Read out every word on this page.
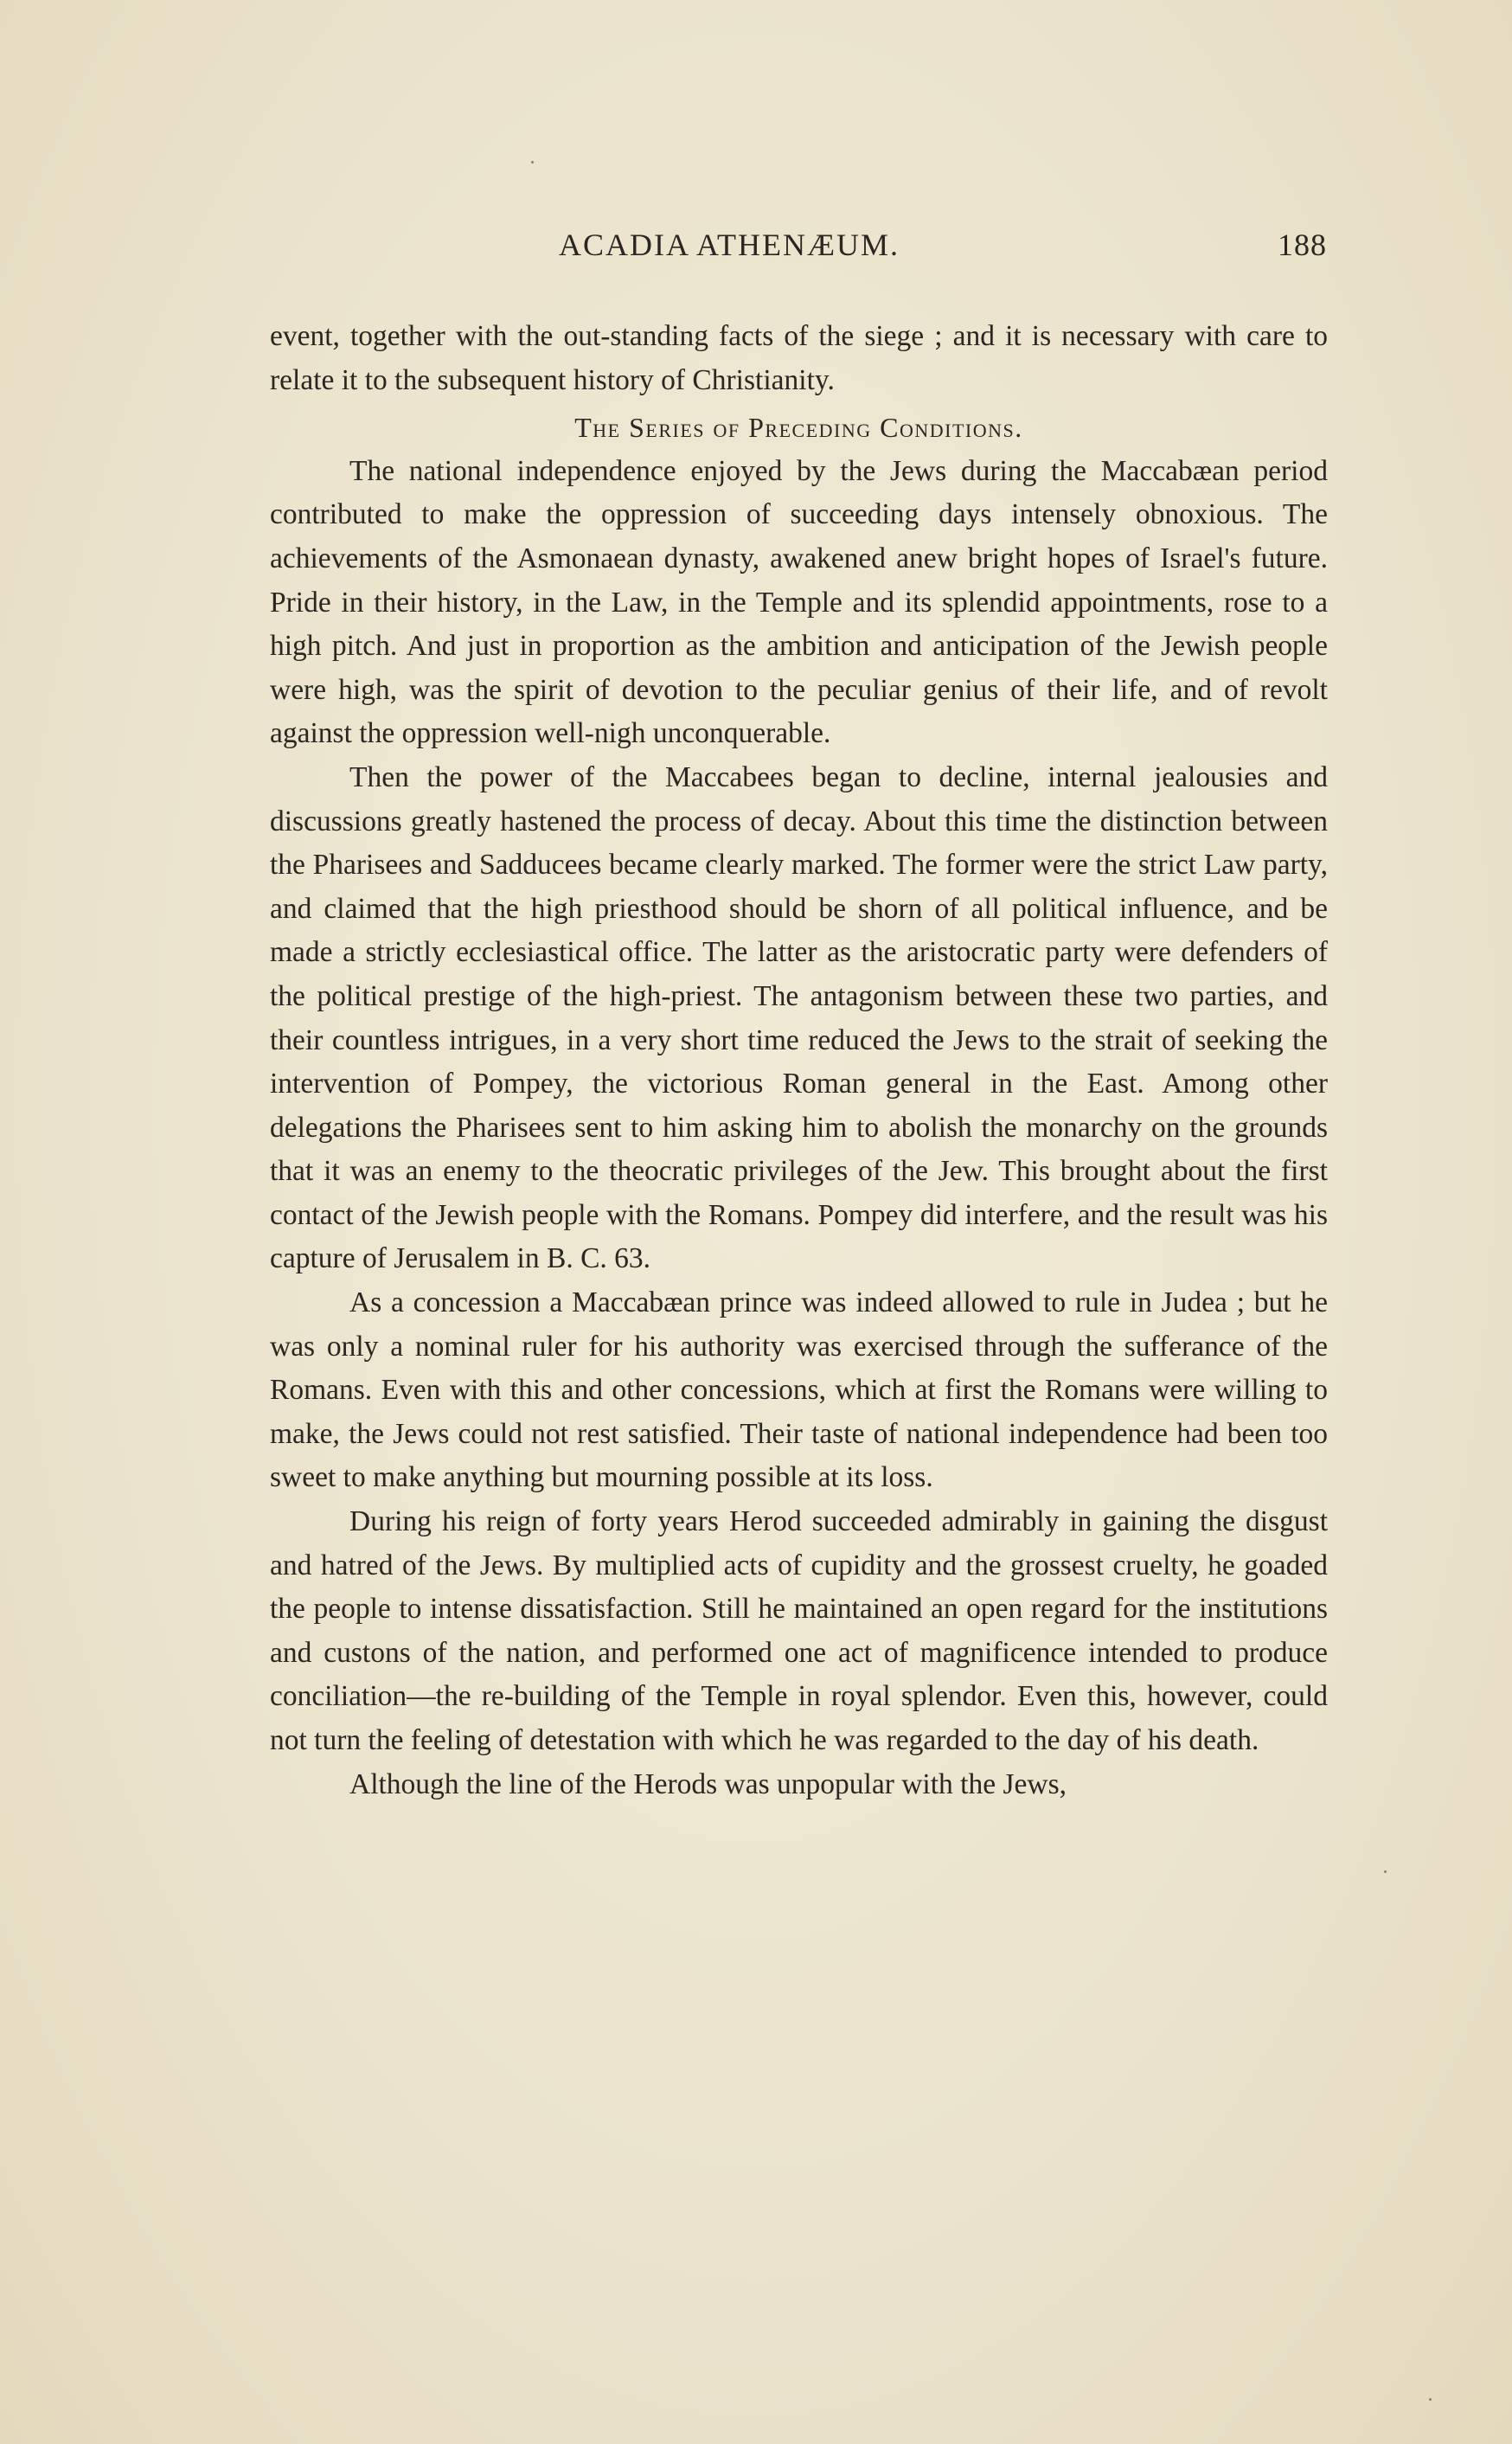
ACADIA ATHENÆUM.	188

event, together with the out-standing facts of the siege ; and it is necessary with care to relate it to the subsequent history of Christianity.

The Series of Preceding Conditions.

The national independence enjoyed by the Jews during the Maccabæan period contributed to make the oppression of succeeding days intensely obnoxious. The achievements of the Asmonaean dynasty, awakened anew bright hopes of Israel's future. Pride in their history, in the Law, in the Temple and its splendid appointments, rose to a high pitch. And just in proportion as the ambition and anticipation of the Jewish people were high, was the spirit of devotion to the peculiar genius of their life, and of revolt against the oppression well-nigh unconquerable.

Then the power of the Maccabees began to decline, internal jealousies and discussions greatly hastened the process of decay. About this time the distinction between the Pharisees and Sadducees became clearly marked. The former were the strict Law party, and claimed that the high priesthood should be shorn of all political influence, and be made a strictly ecclesiastical office. The latter as the aristocratic party were defenders of the political prestige of the high-priest. The antagonism between these two parties, and their countless intrigues, in a very short time reduced the Jews to the strait of seeking the intervention of Pompey, the victorious Roman general in the East. Among other delegations the Pharisees sent to him asking him to abolish the monarchy on the grounds that it was an enemy to the theocratic privileges of the Jew. This brought about the first contact of the Jewish people with the Romans. Pompey did interfere, and the result was his capture of Jerusalem in B. C. 63.

As a concession a Maccabæan prince was indeed allowed to rule in Judea ; but he was only a nominal ruler for his authority was exercised through the sufferance of the Romans. Even with this and other concessions, which at first the Romans were willing to make, the Jews could not rest satisfied. Their taste of national independence had been too sweet to make anything but mourning possible at its loss.

During his reign of forty years Herod succeeded admirably in gaining the disgust and hatred of the Jews. By multiplied acts of cupidity and the grossest cruelty, he goaded the people to intense dissatisfaction. Still he maintained an open regard for the institutions and custons of the nation, and performed one act of magnificence intended to produce conciliation—the re-building of the Temple in royal splendor. Even this, however, could not turn the feeling of detestation with which he was regarded to the day of his death.

Although the line of the Herods was unpopular with the Jews,
